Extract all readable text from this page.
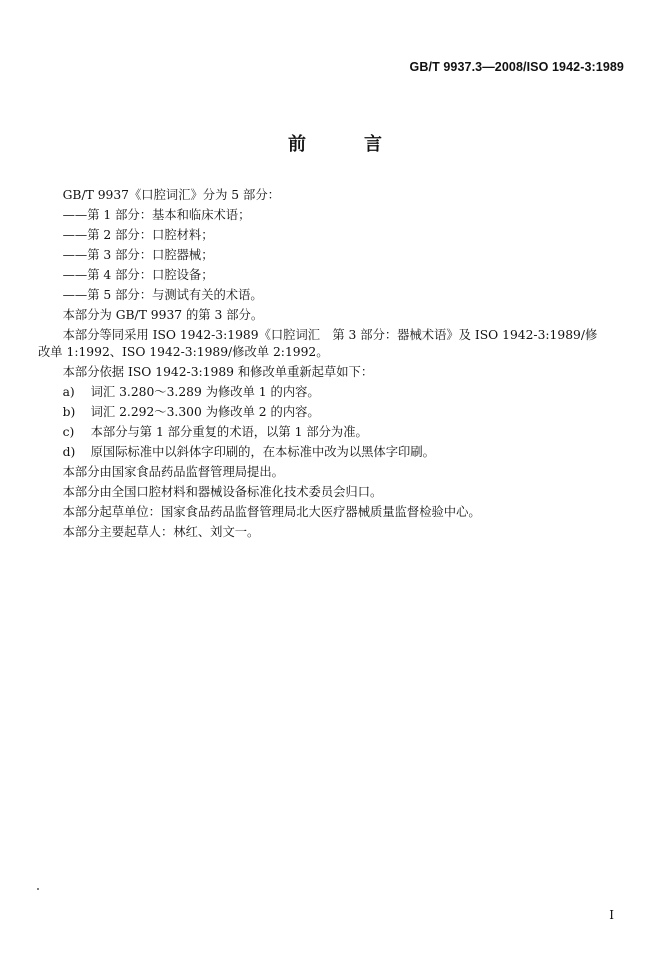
GB/T 9937.3—2008/ISO 1942-3:1989
前　言
GB/T 9937《口腔词汇》分为 5 部分：
——第 1 部分：基本和临床术语；
——第 2 部分：口腔材料；
——第 3 部分：口腔器械；
——第 4 部分：口腔设备；
——第 5 部分：与测试有关的术语。
本部分为 GB/T 9937 的第 3 部分。
本部分等同采用 ISO 1942-3:1989《口腔词汇　第 3 部分：器械术语》及 ISO 1942-3:1989/修改单 1:1992、ISO 1942-3:1989/修改单 2:1992。
本部分依据 ISO 1942-3:1989 和修改单重新起草如下：
a) 词汇 3.280～3.289 为修改单 1 的内容。
b) 词汇 2.292～3.300 为修改单 2 的内容。
c) 本部分与第 1 部分重复的术语，以第 1 部分为准。
d) 原国际标准中以斜体字印刷的，在本标准中改为以黑体字印刷。
本部分由国家食品药品监督管理局提出。
本部分由全国口腔材料和器械设备标准化技术委员会归口。
本部分起草单位：国家食品药品监督管理局北大医疗器械质量监督检验中心。
本部分主要起草人：林红、刘文一。
I
